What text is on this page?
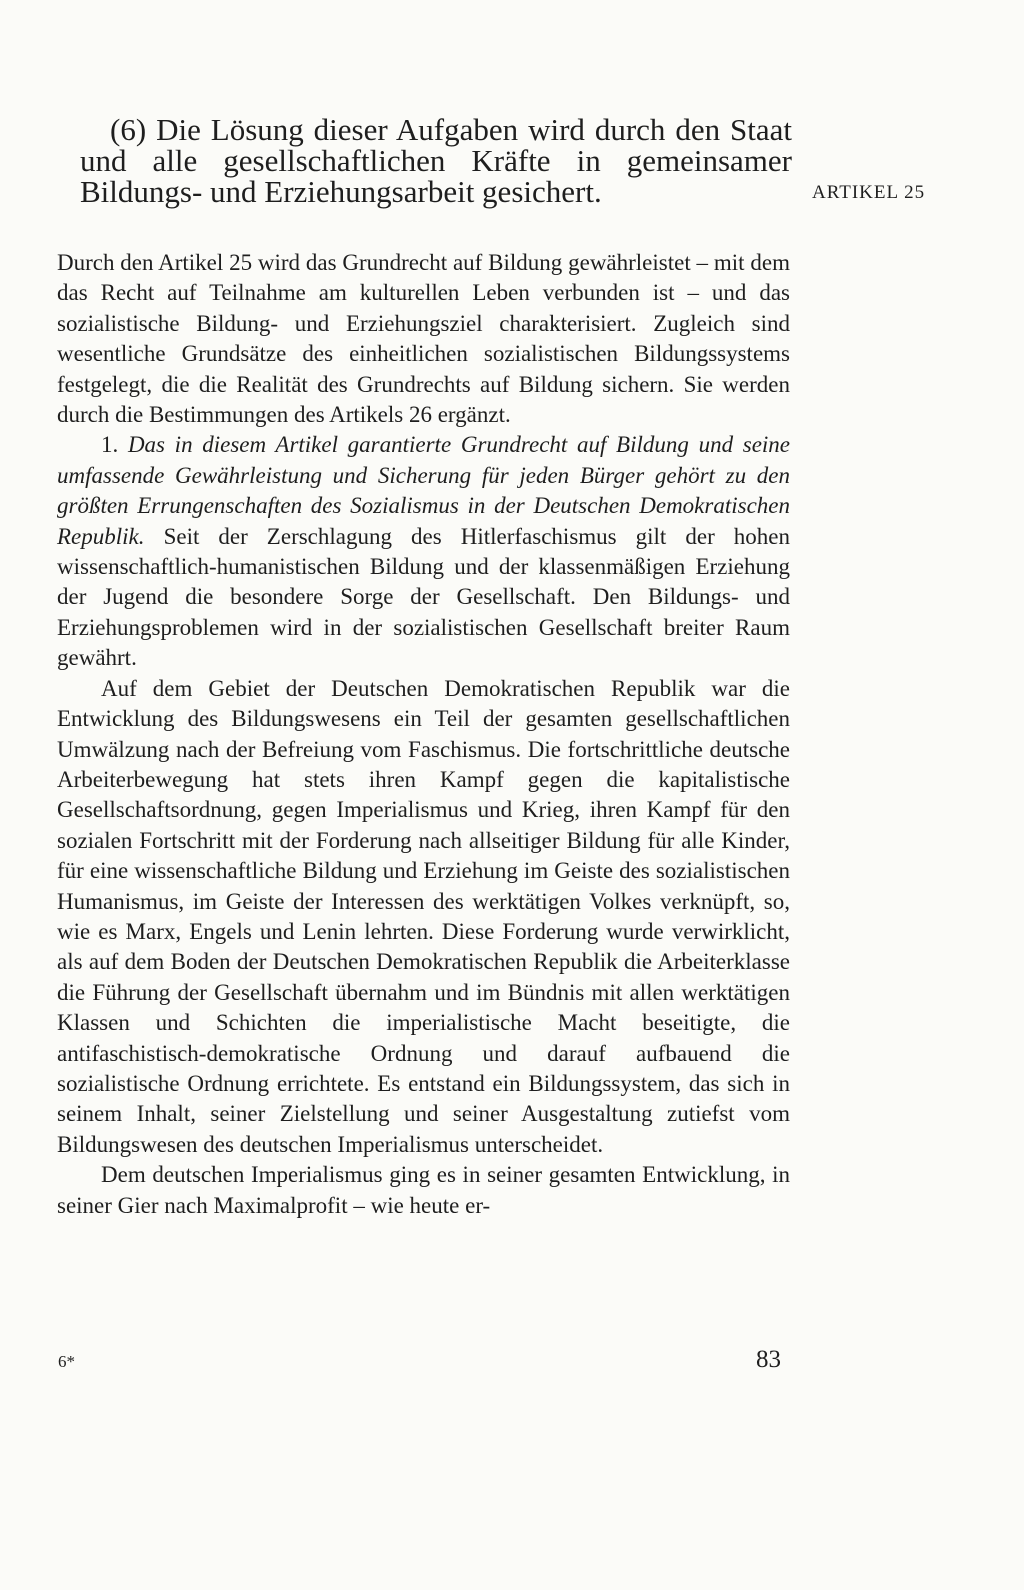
(6) Die Lösung dieser Aufgaben wird durch den Staat und alle gesellschaftlichen Kräfte in gemeinsamer Bildungs- und Erziehungsarbeit gesichert.	ARTIKEL 25

Durch den Artikel 25 wird das Grundrecht auf Bildung gewährleistet – mit dem das Recht auf Teilnahme am kulturellen Leben verbunden ist – und das sozialistische Bildung- und Erziehungsziel charakterisiert. Zugleich sind wesentliche Grundsätze des einheitlichen sozialistischen Bildungssystems festgelegt, die die Realität des Grundrechts auf Bildung sichern. Sie werden durch die Bestimmungen des Artikels 26 ergänzt.

1. Das in diesem Artikel garantierte Grundrecht auf Bildung und seine umfassende Gewährleistung und Sicherung für jeden Bürger gehört zu den größten Errungenschaften des Sozialismus in der Deutschen Demokratischen Republik. Seit der Zerschlagung des Hitlerfaschismus gilt der hohen wissenschaftlich-humanistischen Bildung und der klassenmäßigen Erziehung der Jugend die besondere Sorge der Gesellschaft. Den Bildungs- und Erziehungsproblemen wird in der sozialistischen Gesellschaft breiter Raum gewährt.

Auf dem Gebiet der Deutschen Demokratischen Republik war die Entwicklung des Bildungswesens ein Teil der gesamten gesellschaftlichen Umwälzung nach der Befreiung vom Faschismus. Die fortschrittliche deutsche Arbeiterbewegung hat stets ihren Kampf gegen die kapitalistische Gesellschaftsordnung, gegen Imperialismus und Krieg, ihren Kampf für den sozialen Fortschritt mit der Forderung nach allseitiger Bildung für alle Kinder, für eine wissenschaftliche Bildung und Erziehung im Geiste des sozialistischen Humanismus, im Geiste der Interessen des werktätigen Volkes verknüpft, so, wie es Marx, Engels und Lenin lehrten. Diese Forderung wurde verwirklicht, als auf dem Boden der Deutschen Demokratischen Republik die Arbeiterklasse die Führung der Gesellschaft übernahm und im Bündnis mit allen werktätigen Klassen und Schichten die imperialistische Macht beseitigte, die antifaschistisch-demokratische Ordnung und darauf aufbauend die sozialistische Ordnung errichtete. Es entstand ein Bildungssystem, das sich in seinem Inhalt, seiner Zielstellung und seiner Ausgestaltung zutiefst vom Bildungswesen des deutschen Imperialismus unterscheidet.

Dem deutschen Imperialismus ging es in seiner gesamten Entwicklung, in seiner Gier nach Maximalprofit – wie heute er-

6*	83
